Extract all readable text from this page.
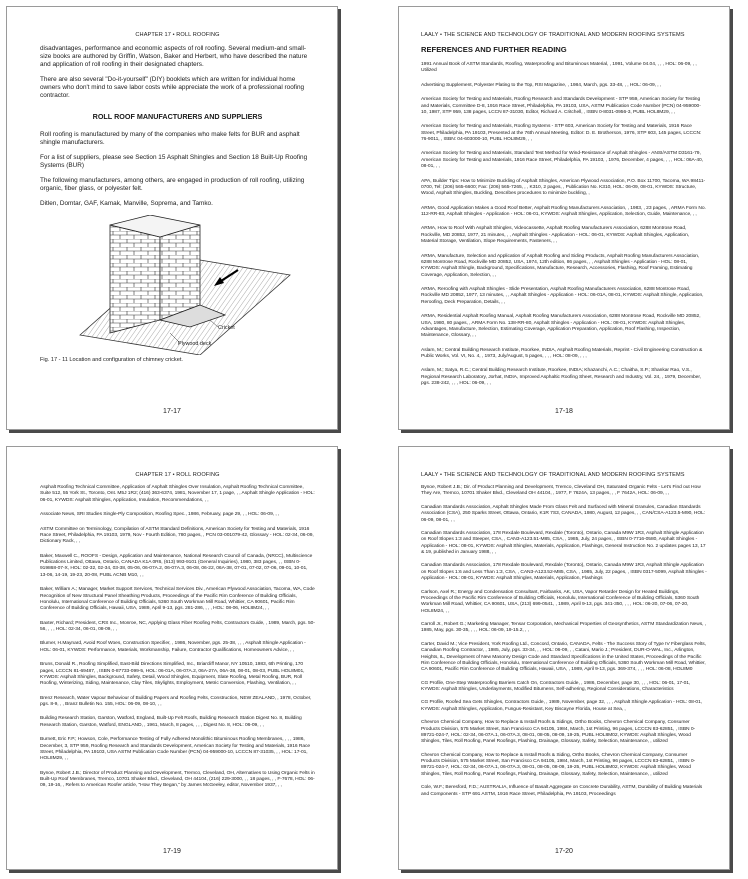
CHAPTER 17 • ROLL ROOFING

disadvantages, performance and economic aspects of roll roofing. Several medium-and small-size books are authored by Griffin, Watson, Baker and Herbert, who have described the nature and application of roll roofing in their designated chapters.

There are also several "Do-it-yourself" (DIY) booklets which are written for individual home owners who don't mind to save labor costs while appreciate the work of a professional roofing contractor.

ROLL ROOF MANUFACTURERS AND SUPPLIERS

Roll roofing is manufactured by many of the companies who make felts for BUR and asphalt shingle manufacturers.

For a list of suppliers, please see Section 15 Asphalt Shingles and Section 18 Built-Up Roofing Systems (BUR)

The following manufacturers, among others, are engaged in production of roll roofing, utilizing organic, fiber glass, or polyester felt.

Ditlen, Domtar, GAF, Kamak, Manville, Soprema, and Tamko.

Cricket
Plywood deck
Fig. 17 - 11 Location and configuration of chimney cricket.
17-17
LAALY • THE SCIENCE AND TECHNOLOGY OF TRADITIONAL AND MODERN ROOFING SYSTEMS
REFERENCES AND FURTHER READING

1991 Annual Book of ASTM Standards, Roofing, Waterproofing and Bituminous Material, , 1991, Volume 04.04, , , , HOL: 06-09, , , Utilized

Advertising Supplement, Polyester Plating to the Top, RSI Magazine, , 1984, March, pgs. 33-48, , , HOL: 06-09, , ,

American Society for Testing and Materials, Roofing Research and Standards Development - STP 959, American Society for Testing and Materials, Committee D-8, 1916 Race Street, Philadelphia, PA 19103, USA, ASTM Publication Code Number (PCN) 04-959000-10, 1987, STP 959, 138 pages, LCCN 87-31030, Editor, Richard A. Critchell, , ISBN 0-8031-0956-3, PUBL HOL8M29, , ,

American Society for Testing and Materials, Roofing Systems - STP 603, American Society for Testing and Materials, 1916 Race Street, Philadelphia, PA 19103, Presented at the 76th Annual Meeting, Editor: D. E. Brotherson, 1976, STP 603, 145 pages, LCCCN: 76-9011, , ISBN: 04-603000-10, PUBL HOL8M29, , ,

American Society for Testing and Materials, Standard Test Method for Wind-Resistance of Asphalt Shingles - ANSI/ASTM D3161-79, American Society for Testing and Materials, 1916 Race Street, Philadelphia, PA 19103, , 1976, December, 4 pages, , , , HOL: 06A-40, 08-01, , ,

APA, Builder Tips: How to Minimize Buckling of Asphalt Shingles, American Plywood Association, P.O. Box 11700, Tacoma, WA 98411-0700, Tel: (206) 565-6600; Fax: (206) 565-7265, , , K310, 2 pages, , Publication No. K310, HOL: 06-09, 08-01, KYWDS: Structure, Wood, Asphalt Shingles, Buckling, Describes procedures to minimize buckling, ,

ARMA, Good Application Makes a Good Roof Better, Asphalt Roofing Manufacturers Association, , 1983, , 23 pages, , ARMA Form No. 112-RR-83, Asphalt Shingles - Application - HOL: 06-01, KYWDS: Asphalt Shingles, Application, Selection, Guide, Maintenance, , ,

ARMA, How to Roof With Asphalt Shingles, Videocassette, Asphalt Roofing Manufacturers Association, 6288 Montrose Road, Rockville, MD 20852, 1977, 21 minutes, , , Asphalt Shingles - Application - HOL: 06-01, KYWDS: Asphalt Shingles, Application, Material Storage, Ventilation, Slope Requirements, Fasteners, , ,

ARMA, Manufacture, Selection and Application of Asphalt Roofing and Siding Products, Asphalt Roofing Manufacturers Association, 6288 Montrose Road, Rockville MD 20852, USA, 1974, 12th edition, 86 pages, , , Asphalt Shingles - Application - HOL: 08-01, KYWDS: Asphalt Shingle, Background, Specifications, Manufacture, Research, Accessories, Flashing, Roof Framing, Estimating Coverage, Application, Selection, , ,

ARMA, Reroofing with Asphalt Shingles - Slide Presentation, Asphalt Roofing Manufacturers Association, 6288 Montrose Road, Rockville MD 20852, 1977, 13 minutes, , , Asphalt Shingles - Application - HOL: 06-01A, 08-01, KYWDS: Asphalt Shingle, Application, Reroofing, Deck Preparation, Details, , ,

ARMA, Residential Asphalt Roofing Manual, Asphalt Roofing Manufacturers Association, 6288 Montrose Road, Rockville MD 20852, USA, 1980, 80 pages, , ARMA Form No. 138-RR-80, Asphalt Shingles - Application - HOL: 08-01, KYWDS: Asphalt Shingles, Advantages, Manufacture, Selection, Estimating Coverage, Application Preparation, Application, Roof Flashing, Inspection, Maintenance, Glossary, , ,

Aslam, M.; Central Building Research Institute, Roorkee, INDIA, Asphalt Roofing Materials, Reprint - Civil Engineering Construction & Public Works, Vol. VI, No. 4, , 1973, July/August, 5 pages, , , , HOL: 08-09, , , ,

Aslam, M.; Satya, R.C.; Central Building Research Institute, Roorkee, INDIA; Khazanchi, A.C.; Chaitha, S.P.; Shankar Rao, V.S., Regional Research Laboratory, Jorhat, INDIA, Improved Asphaltic Roofing Sheet, Research and Industry, Vol. 24, , 1979, December, pgs. 238-242, , , , HOL: 06-09, , ,

17-18
CHAPTER 17 • ROLL ROOFING

Asphalt Roofing Technical Committee, Application of Asphalt Shingles Over Insulation, Asphalt Roofing Technical Committee, Suite 512, 55 York St., Toronto, Ont. M5J 1R2; (416) 363-6374, 1981, November 17, 1 page, , , Asphalt Shingle Application - HOL: 06-01, KYWDS: Asphalt Shingles, Application, Insulation, Recommendations, , ,

Associate News, SRI Studies Single-Ply Composition, Roofing Spec., 1986, February, page 29, , , HOL: 06-09, , ,

ASTM Committee on Terminology, Compilation of ASTM Standard Definitions, American Society for Testing and Materials, 1916 Race Street, Philadelphia, PA 19103, 1979, Nov - Fourth Edition, 780 pages, , PCN 03-001079-42, Glossary - HOL: 02-34, 06-09, Dictionary Rack, , ,

Baker, Maxwell C., ROOFS - Design, Application and Maintenance, National Research Council of Canada, (NRCC), Multiscience Publications Limited, Ottawa, Ontario, CANADA K1A 0R6, (613) 993-9101 (General Inquiries), 1980, 383 pages, , , ISBN 0-919868-07-X, HOL: 02-32, 02-34, 03-38, 05-06, 06-07A.2, 06-07A.3, 06-08, 06-22, 06A-38, 07-01, 07-02, 07-06, 09-01, 10-01, 13-06, 14-19, 19-23, 20-08, PUBL ACNB M10, , ,

Baker, William A.; Manager, Market Support Services, Technical Services Div., American Plywood Association, Tacoma, WA, Code Recognition of New Structural Panel Sheathing Products, Proceedings of the Pacific Rim Conference of Building Officials, Honolulu, International Conference of Building Officials, 5360 South Workman Mill Road, Whittier, CA 90601, Pacific Rim Conference of Building Officials, Hawaii, USA, 1989, April 9-13, pgs. 281-286, , , , HOL: 08-06, HOL8M24, , ,

Baxter, Richard; President, CRS Inc., Monroe, NC, Applying Glass Fiber Roofing Felts, Contractors Guide, , 1989, March, pgs. 50-56, , , , HOL: 02-34, 06-01, 08-09, , ,

Blumer, H.Maynard, Avoid Roof Woes, Construction Specifier, , 1986, November, pgs. 25-38, , , , Asphalt Shingle Application - HOL: 06-01, KYWDS: Performance, Materials, Workmanship, Failure, Contractor Qualifications, Homeowners Advice, , ,

Bruns, Donald R., Roofing Simplified, East-Bild Directions Simplified, Inc., Briarcliff Manor, NY 10510, 1983, 6th Printing, 170 pages, LCCCN 81-69487, , ISBN 0-87733-099-5, HOL: 06-01A, 06-07A.2, 06A-27A, 06A-38, 08-01, 08-03, PUBL HOL8M01, KYWDS: Asphalt Shingles, Background, Safety, Detail, Wood Shingles, Equipment, Slate Roofing, Metal Roofing, BUR, Roll Roofing, Winterizing, Siding, Maintenance, Clay Tiles, Skylights, Employment, Metric Conversion, Flashing, Ventilation, , ,

Brenz Research, Water Vapour Behaviour of Building Papers and Roofing Felts, Construction, NEW ZEALAND, , 1978, October, pgs. 8-9, , , Branz Bulletin No. 155, HOL: 06-09, 08-10, , ,

Building Research Station, Garston, Watford, England, Built-Up Felt Roofs, Building Research Station Digest No. 8, Building Research Station, Garston, Watford, ENGLAND, , 1961, March, 8 pages, , , , Digest No. 8, HOL: 06-09, , ,

Burnett, Eric F.P.; Howson, Cole, Performance Testing of Fully Adhered Monolithic Bituminous Roofing Membranes, , , , 1986, December, 3, STP 959, Roofing Research and Standards Development, American Society for Testing and Materials, 1916 Race Street, Philadelphia, PA 19103, USA ASTM Publication Code Number (PCN) 04-959000-10, LCCCN 87-31035, , , HOL: 17-01, HOL8M29, , ,

Bynoe, Robert J.B.; Director of Product Planning and Development, Tremco, Cleveland, OH, Alternatives to Using Organic Felts in Built-Up Roof Membranes, Tremco, 10701 Shaker Blvd., Cleveland, OH 44104, (216) 229-3000, , , 18 pages, , , F-7678, HOL: 06-09, 19-16, , Refers to American Roofer article, "How They Began," by James McGeeley, editor, November 1937, , ,

17-19
LAALY • THE SCIENCE AND TECHNOLOGY OF TRADITIONAL AND MODERN ROOFING SYSTEMS

Bynoe, Robert J.B.; Dir. of Product Planning and Development, Tremco, Cleveland OH, Saturated Organic Felts - Let's Find out How They Are, Tremco, 10701 Shaker Blvd., Cleveland OH 44104, , 1977, F 7624A, 13 pages, , , F 7642A, HOL: 06-09, , ,

Canadian Standards Association, Asphalt Shingles Made From Glass Felt and Surfaced with Mineral Granules, Canadian Standards Association (CSA), 250 Sparks Street, Ottawa, Ontario, K1R 7S3, CANADA, 1980, August, 12 pages, , , CAN/CSA-A123.5-M90, HOL: 06-09, 08-01, , ,

Canadian Standards Association, 178 Rexdale Boulevard, Rexdale (Toronto), Ontario, Canada M9W 1R3, Asphalt Shingle Application on Roof Slopes 1:3 and Steeper, CSA, , CAN3-A123.51-M85, CSA, , 1985, July, 24 pages, , ISBN 0-7716-0580, Asphalt Shingles - Application - HOL: 08-01, KYWDS: Asphalt Shingles, Materials, Application, Flashings, General Instruction No. 2 updates pages 13, 17 & 19, published in January 1988, , ,

Canadian Standards Association, 178 Rexdale Boulevard, Rexdale (Toronto), Ontario, Canada M9W 1R3, Asphalt Shingle Application on Roof Slopes 1:6 and Less Than 1:3, CSA, , CAN3-A123.52-M85, CSA, , 1985, July, 22 pages, , ISBN 0317-5099, Asphalt Shingles - Application - HOL: 08-01, KYWDS: Asphalt Shingles, Materials, Application, Flashings

Carlson, Axel R.; Energy and Condensation Consultant, Fairbanks, AK, USA, Vapor Retarder Design for Heated Buildings, Proceedings of the Pacific Rim Conference of Building Officials, Honolulu, International Conference of Building Officials, 5360 South Workman Mill Road, Whittier, CA 90601, USA, (213) 699-0541, , 1989, April 9-13, pgs. 341-350, , , , HOL: 06-20, 07-06, 07-20, HOL8M24, , ,

Carroll Jr., Robert G.; Marketing Manager, Tensar Corporation, Mechanical Properties of Geosynthetics, ASTM Standardization News, , 1985, May, pgs. 30-35, , , , HOL: 06-09, 19-15.2, , ,

Carter, David M.; Vice President, York Roofing Ltd., Concord, Ontario, CANADA, Felts - The Success Story of Type IV Fiberglass Felts, Canadian Roofing Contractor, , 1985, July, pgs. 33-34, , , HOL: 06-09, , , Catani, Mario J.; President, DUR-O-WAL, Inc., Arlington, Heights, IL, Development of New Masonry Design Code and Standard Specifications in the United States, Proceedings of the Pacific Rim Conference of Building Officials, Honolulu, International Conference of Building Officials, 5360 South Workman Mill Road, Whittier, CA 90601, Pacific Rim Conference of Building Officials, Hawaii, USA, , 1989, April 9-13, pgs. 369-374, , , , HOL: 06-08, HOL8M0

CG Profile, One-Step Waterproofing Barriers Catch On, Contractors Guide, , 1986, December, page 30, , , , HOL: 06-01, 17-01, KYWDS: Asphalt Shingles, Underlayments, Modified Bitumens, Self-adhering, Regional Considerations, Characteristics

CG Profile, Roofed Sea Gets Shingles, Contractors Guide, , 1989, November, page 32, , , , Asphalt Shingle Application - HOL: 08-01, KYWDS: Asphalt Shingles, Application, Fungus-Resistant, Key Biscayne Florida, House at Sea, ,

Chevron Chemical Company, How to Replace & Install Roofs & Sidings, Ortho Books, Chevron Chemical Company, Consumer Products Division, 575 Market Street, San Francisco CA 94105, 1984, March, 1st Printing, 96 pages, LCCCN 83-62851, , ISBN 0-89721-024-7, HOL: 02-34, 06-07A.1, 06-07A.3, 08-01, 08-05, 08-09, 19-25, PUBL HOL8M02, KYWDS: Asphalt Shingles, Wood Shingles, Tiles, Roll Roofing, Panel Roofings, Flashing, Drainage, Glossary, Safety, Selection, Maintenance, , utilized

Chevron Chemical Company, How to Replace & Install Roofs & Siding, Ortho Books, Chevron Chemical Company, Consumer Products Division, 575 Market Street, San Francisco CA 94105, 1984, March, 1st Printing, 96 pages, LCCCN 83-62851, , ISBN 0-89721-024-7, HOL: 02-34, 06-07A.1, 06-07A.3, 08-01, 08-05, 08-09, 19-25, PUBL HOL8M02, KYWDS: Asphalt Shingles, Wood Shingles, Tiles, Roll Roofing, Panel Roofings, Flashing, Drainage, Glossary, Safety, Selection, Maintenance, , utilized

Cole, W.F.; Beresford, F.D.; AUSTRALIA, Influence of Basalt Aggregate on Concrete Durability, ASTM, Durability of Building Materials and Components - STP 691 ASTM, 1916 Race Street, Philadelphia, PA 19103, Proceedings

17-20
